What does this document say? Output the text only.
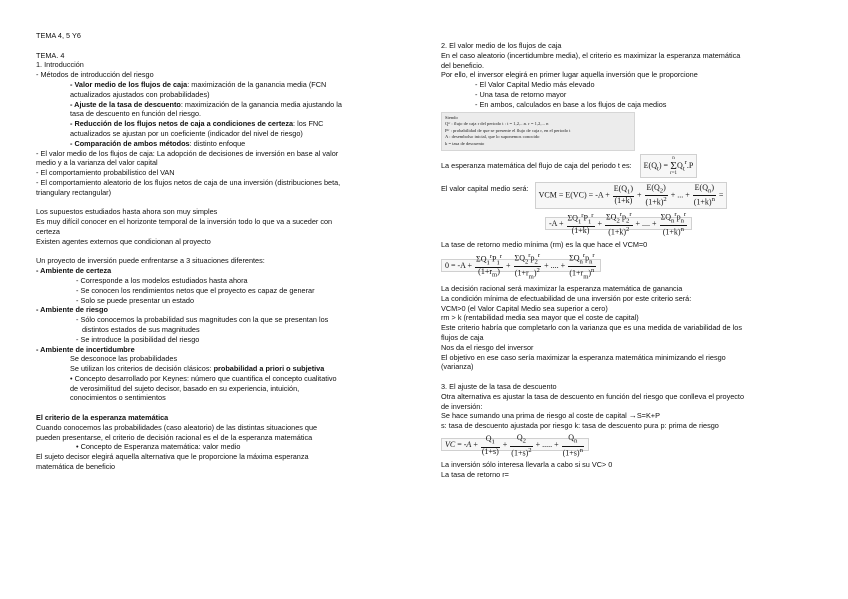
TEMA 4, 5 Y6
TEMA. 4
1. Introducción
- Métodos de introducción del riesgo
- Valor medio de los flujos de caja: maximización de la ganancia media (FCN
actualizados ajustados con probabilidades)
- Ajuste de la tasa de descuento: maximización de la ganancia media ajustando la
tasa de descuento en función del riesgo.
- Reducción de los flujos netos de caja a condiciones de certeza: los FNC
actualizados se ajustan por un coeficiente (indicador del nivel de riesgo)
- Comparación de ambos métodos: distinto enfoque
- El valor medio de los flujos de caja: La adopción de decisiones de inversión en base al valor
medio y a la varianza del valor capital
- El comportamiento probabilístico del VAN
- El comportamiento aleatorio de los flujos netos de caja de una inversión (distribuciones beta,
triangulary rectangular)
Los supuestos estudiados hasta ahora son muy simples
Es muy difícil conocer en el horizonte temporal de la inversión todo lo que va a suceder con
certeza
Existen agentes externos que condicionan al proyecto
Un proyecto de inversión puede enfrentarse a 3 situaciones diferentes:
- Ambiente de certeza
- Corresponde a los modelos estudiados hasta ahora
- Se conocen los rendimientos netos que el proyecto es capaz de generar
- Solo se puede presentar un estado
- Ambiente de riesgo
- Sólo conocemos la probabilidad sus magnitudes con la que se presentan los
distintos estados de sus magnitudes
- Se introduce la posibilidad del riesgo
- Ambiente de incertidumbre
Se desconoce las probabilidades
Se utilizan los criterios de decisión clásicos: probabilidad a priori o subjetiva
• Concepto desarrollado por Keynes: número que cuantifica el concepto cualitativo
de verosimilitud del sujeto decisor, basado en su experiencia, intuición,
conocimientos o sentimientos
El criterio de la esperanza matemática
Cuando conocemos las probabilidades (caso aleatorio) de las distintas situaciones que
pueden presentarse, el criterio de decisión racional es el de la esperanza matemática
• Concepto de Esperanza matemática: valor medio
El sujeto decisor elegirá aquella alternativa que le proporcione la máxima esperanza
matemática de beneficio
2. El valor medio de los flujos de caja
En el caso aleatorio (incertidumbre media), el criterio es maximizar la esperanza matemática
del beneficio.
Por ello, el inversor elegirá en primer lugar aquella inversión que le proporcione
- El Valor Capital Medio más elevado
- Una tasa de retorno mayor
- En ambos, calculados en base a los flujos de caja medios
Siendo
Qᵗʳ : flujo de caja r del periodo t : t = 1,2,...n. r = 1,2,... n
Pᵗʳ : probabilidad de que se presente el flujo de caja r, en el periodo t
A : desembolso inicial, que lo suponemos conocido
k = tasa de descuento
La esperanza matemática del flujo de caja del periodo t es:	$E(Q_t) = n$
Σ
$r=1Q_t^r.P$
El valor capital medio será:
VCM = $E(VC) = -A + \frac{E(Q_1)}{(1+k)} + \frac{E(Q_2)}{(1+k)^2}$ + ... + $\frac{E(Q_n)}{(1+k)^n}$ =
$-A + \frac{\Sigma Q_1^rP_1^r}{(1+k)} + \frac{\Sigma Q_2^rp_2^r}{(1+k)^2}$ + .... + $\frac{\Sigma Q_n^rp_n^r}{(1+k)^n}$
La tase de retorno medio mínima (rm) es la que hace el VCM=0
$0 = -A + \frac{\Sigma Q_1^rP_1^r}{(1+r_m)} + \frac{\Sigma Q_2^rp_2^r}{(1+r_m)^2}$ + .... + $\frac{\Sigma Q_n^rp_n^r}{(1+r_m)^n}$
La decisión racional será maximizar la esperanza matemática de ganancia
La condición mínima de efectuabilidad de una inversión por este criterio será:
VCM>0 (el Valor Capital Medio sea superior a cero)
rm > k (rentabilidad media sea mayor que el coste de capital)
Este criterio habría que completarlo con la varianza que es una medida de variabilidad de los
flujos de caja
Nos da el riesgo del inversor
El objetivo en ese caso sería maximizar la esperanza matemática minimizando el riesgo
(varianza)
3. El ajuste de la tasa de descuento
Otra alternativa es ajustar la tasa de descuento en función del riesgo que conlleva el proyecto
de inversión:
Se hace sumando una prima de riesgo al coste de capital →S=K+P
s: tasa de descuento ajustada por riesgo k: tasa de descuento pura p: prima de riesgo
VC = $-A + \frac{Q_1}{(1+s)} + \frac{Q_2}{(1+s)^2}$ + ..... + $\frac{Q_n}{(1+s)^n}$
La inversión sólo interesa llevarla a cabo si su VC> 0
La tasa de retorno r=
